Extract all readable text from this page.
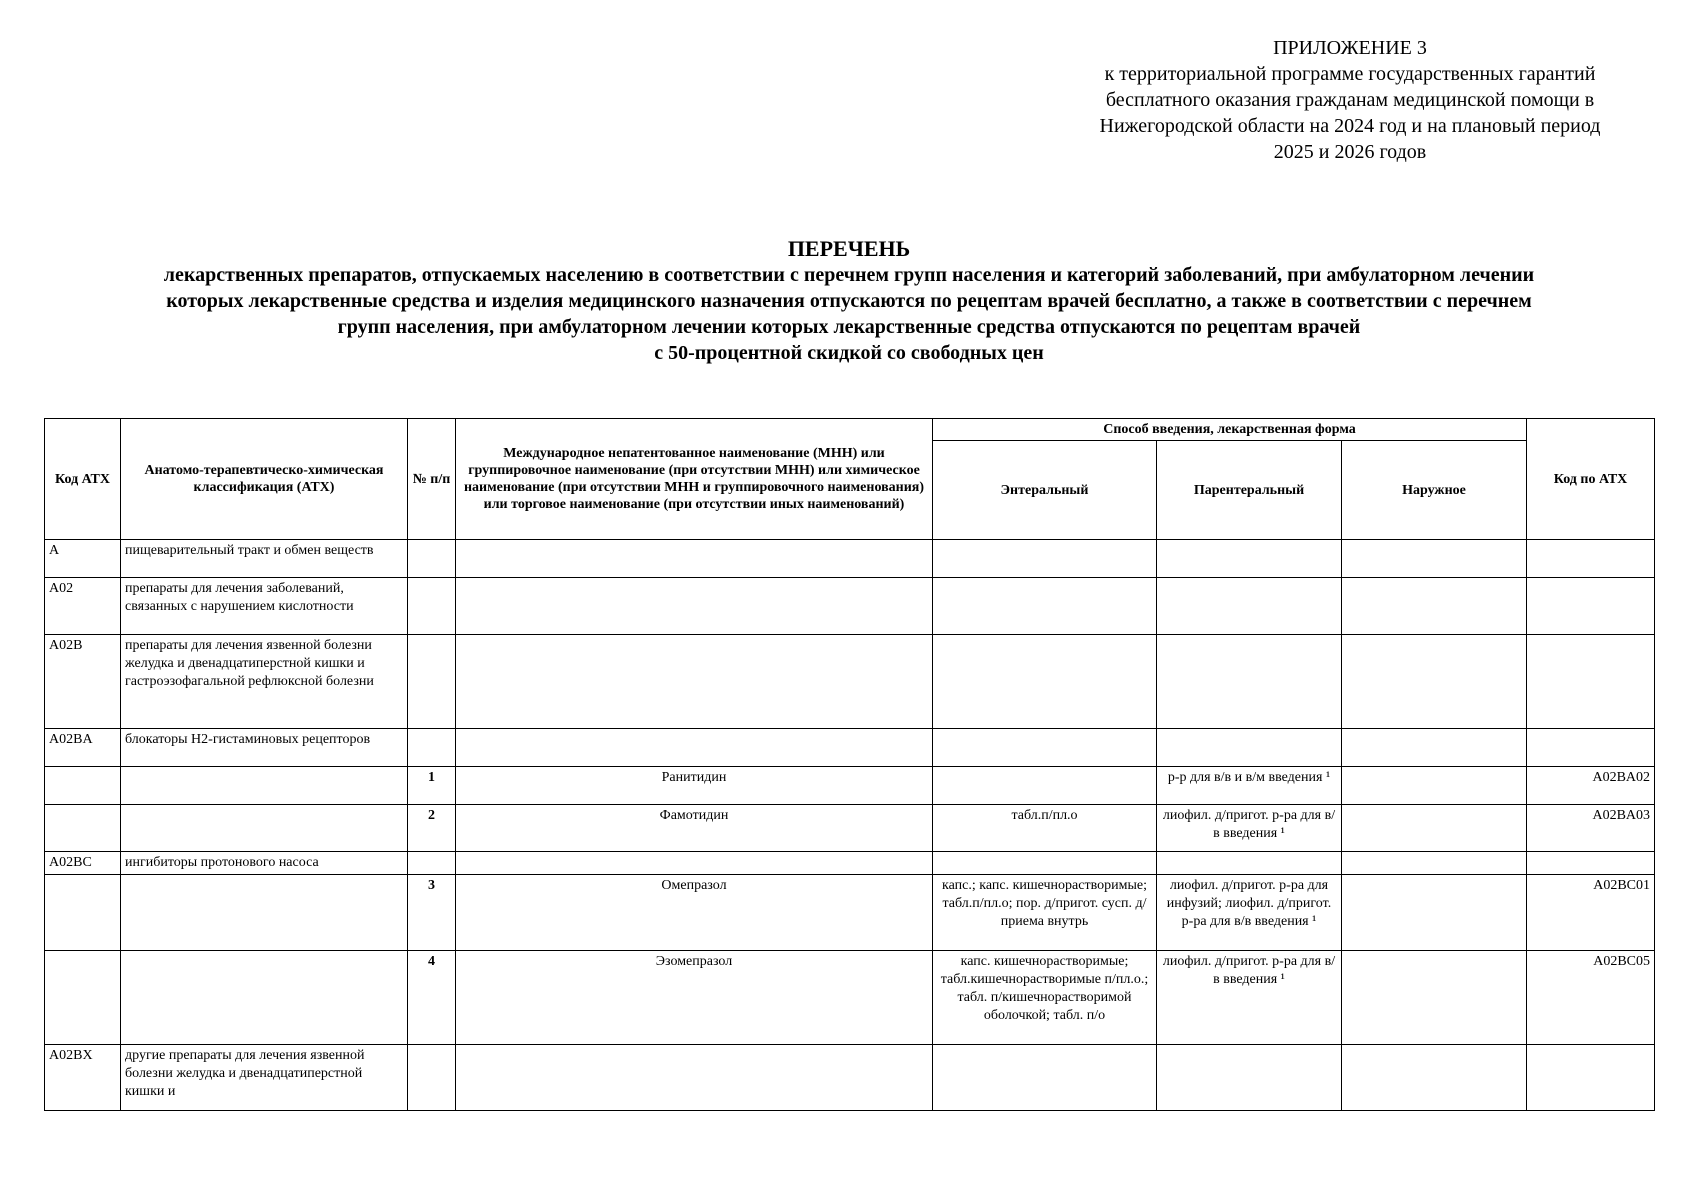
ПРИЛОЖЕНИЕ 3
к территориальной программе государственных гарантий
бесплатного оказания гражданам медицинской помощи в
Нижегородской области на 2024 год и на плановый период
2025 и 2026 годов
ПЕРЕЧЕНЬ
лекарственных препаратов, отпускаемых населению в соответствии с перечнем групп населения и категорий заболеваний, при амбулаторном лечении
которых лекарственные средства и изделия медицинского назначения отпускаются по рецептам врачей бесплатно, а также в соответствии с перечнем
групп населения, при амбулаторном лечении которых лекарственные средства отпускаются по рецептам врачей
с 50-процентной скидкой со свободных цен
Код АТХ	Анатомо-терапевтическо-химическая классификация (АТХ)	№ п/п	Международное непатентованное наименование (МНН) или группировочное наименование (при отсутствии МНН) или химическое наименование (при отсутствии МНН и группировочного наименования) или торговое наименование (при отсутствии иных наименований)	Способ введения, лекарственная форма			Код по АТХ
				Энтеральный	Парентеральный	Наружное	
A	пищеварительный тракт и обмен веществ						
A02	препараты для лечения заболеваний, связанных с нарушением кислотности						
A02B	препараты для лечения язвенной болезни желудка и двенадцатиперстной кишки и гастроэзофагальной рефлюксной болезни						
A02BA	блокаторы H2-гистаминовых рецепторов						
		1	Ранитидин		р-р для в/в и в/м введения ¹		A02BA02
		2	Фамотидин	табл.п/пл.о	лиофил. д/пригот. р-ра для в/в введения ¹		A02BA03
A02BC	ингибиторы протонового насоса						
		3	Омепразол	капс.; капс. кишечнорастворимые; табл.п/пл.о; пор. д/пригот. сусп. д/приема внутрь	лиофил. д/пригот. р-ра для инфузий; лиофил. д/пригот. р-ра для в/в введения ¹		A02BC01
		4	Эзомепразол	капс. кишечнорастворимые; табл.кишечнорастворимые п/пл.о.; табл. п/кишечнорастворимой оболочкой; табл. п/о	лиофил. д/пригот. р-ра для в/в введения ¹		A02BC05
A02BX	другие препараты для лечения язвенной болезни желудка и двенадцатиперстной кишки и						
